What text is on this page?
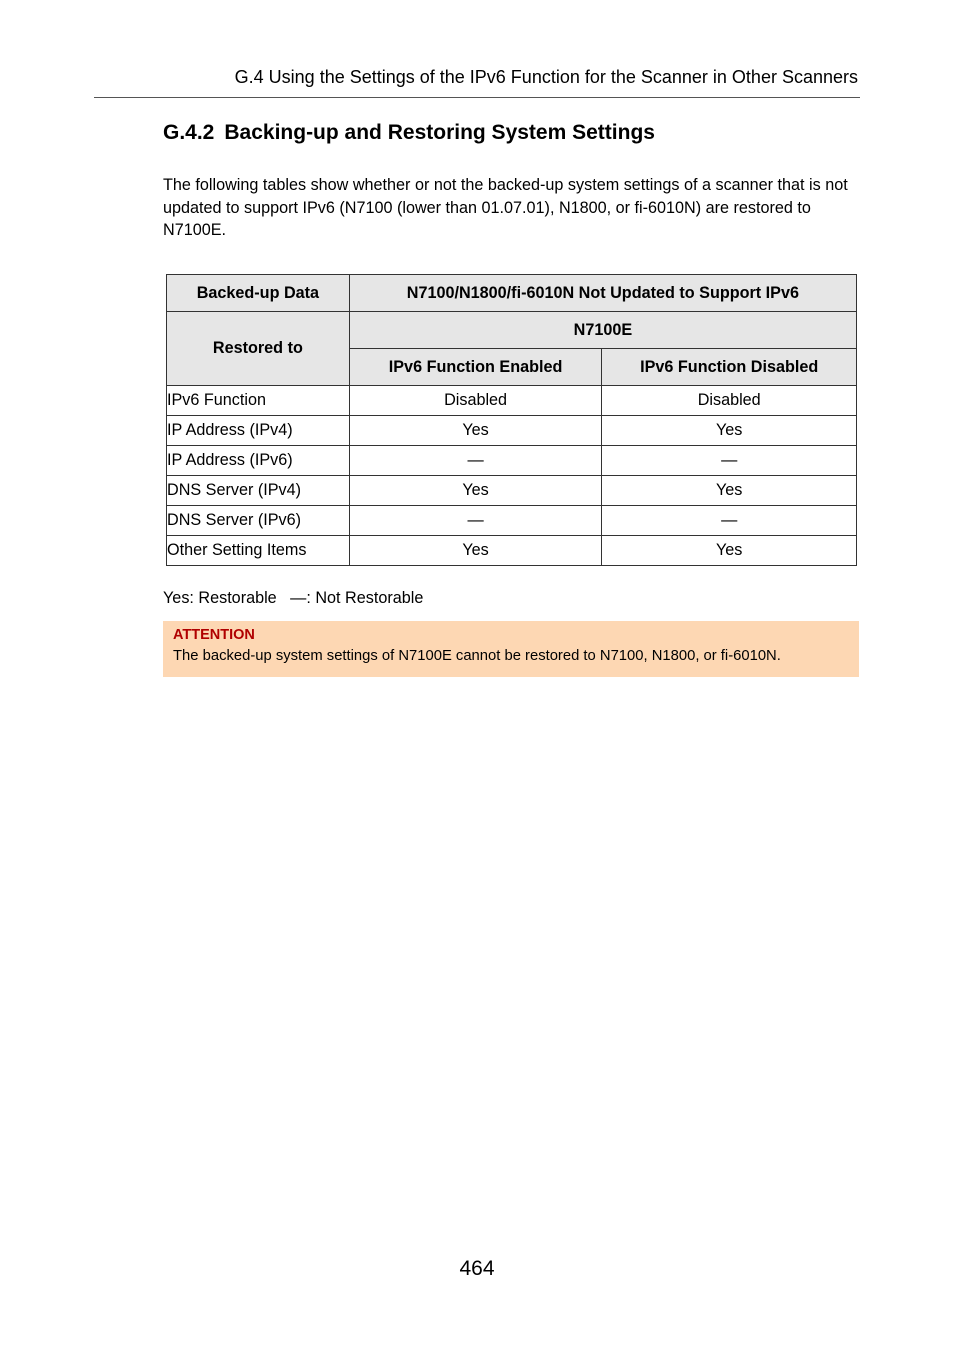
G.4 Using the Settings of the IPv6 Function for the Scanner in Other Scanners
G.4.2 Backing-up and Restoring System Settings

The following tables show whether or not the backed-up system settings of a scanner that is not updated to support IPv6 (N7100 (lower than 01.07.01), N1800, or fi-6010N) are restored to N7100E.

Backed-up Data	N7100/N1800/fi-6010N Not Updated to Support IPv6	
Restored to	N7100E	
	IPv6 Function Enabled	IPv6 Function Disabled
IPv6 Function	Disabled	Disabled
IP Address (IPv4)	Yes	Yes
IP Address (IPv6)	—	—
DNS Server (IPv4)	Yes	Yes
DNS Server (IPv6)	—	—
Other Setting Items	Yes	Yes
Yes: Restorable   —: Not Restorable
ATTENTION
The backed-up system settings of N7100E cannot be restored to N7100, N1800, or fi-6010N.
464
